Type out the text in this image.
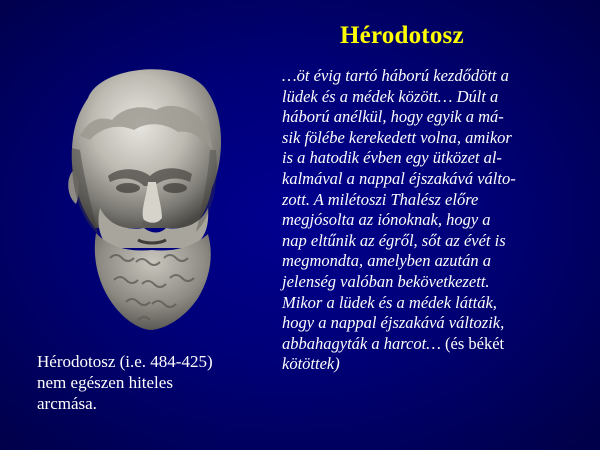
Hérodotosz
Hérodotosz (i.e. 484-425)
nem egészen hiteles
arcmása.
…öt évig tartó háború kezdődött a
lüdek és a médek között… Dúlt a
háború anélkül, hogy egyik a má-
sik fölébe kerekedett volna, amikor
is a hatodik évben egy ütközet al-
kalmával a nappal éjszakává válto-
zott. A milétoszi Thalész előre
megjósolta az iónoknak, hogy a
nap eltűnik az égről, sőt az évét is
megmondta, amelyben azután a
jelenség valóban bekövetkezett.
Mikor a lüdek és a médek látták,
hogy a nappal éjszakává változik,
abbahagyták a harcot… (és békét
kötöttek)
